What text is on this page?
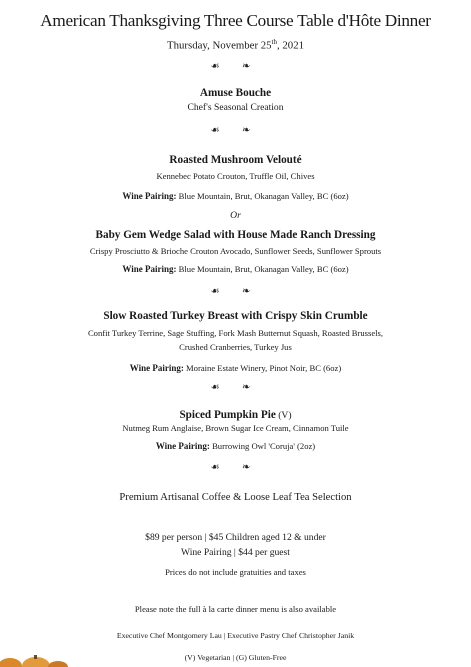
American Thanksgiving Three Course Table d'Hôte Dinner
Thursday, November 25th, 2021
☙ ❧
Amuse Bouche
Chef's Seasonal Creation
☙ ❧
Roasted Mushroom Velouté
Kennebec Potato Crouton, Truffle Oil, Chives
Wine Pairing: Blue Mountain, Brut, Okanagan Valley, BC (6oz)
Or
Baby Gem Wedge Salad with House Made Ranch Dressing
Crispy Prosciutto & Brioche Crouton Avocado, Sunflower Seeds, Sunflower Sprouts
Wine Pairing: Blue Mountain, Brut, Okanagan Valley, BC (6oz)
☙ ❧
Slow Roasted Turkey Breast with Crispy Skin Crumble
Confit Turkey Terrine, Sage Stuffing, Fork Mash Butternut Squash, Roasted Brussels,
Crushed Cranberries, Turkey Jus
Wine Pairing: Moraine Estate Winery, Pinot Noir, BC (6oz)
☙ ❧
Spiced Pumpkin Pie (V)
Nutmeg Rum Anglaise, Brown Sugar Ice Cream, Cinnamon Tuile
Wine Pairing: Burrowing Owl 'Coruja' (2oz)
☙ ❧
Premium Artisanal Coffee & Loose Leaf Tea Selection
$89 per person | $45 Children aged 12 & under
Wine Pairing | $44 per guest
Prices do not include gratuities and taxes
Please note the full à la carte dinner menu is also available
Executive Chef Montgomery Lau | Executive Pastry Chef Christopher Janik
(V) Vegetarian | (G) Gluten-Free
